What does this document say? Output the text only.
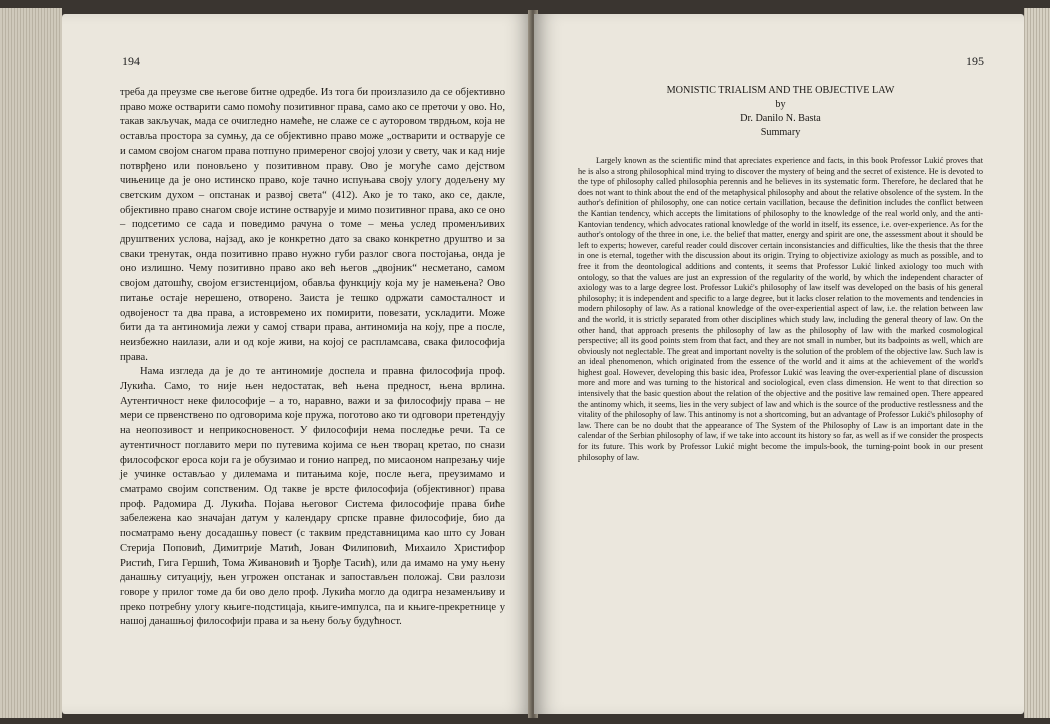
194

треба да преузме све његове битне одредбе. Из тога би произлазило да се објективно право може остварити само помоћу позитивног права, само ако се преточи у ово. Но, такав закључак, мада се очигледно намеће, не слаже се с ауторовом тврдњом, која не оставља простора за сумњу, да се објективно право може „остварити и остварује се и самом својом снагом права потпуно примереног својој улози у свету, чак и кад није потврђено или поновљено у позитивном праву. Ово је могуће само дејством чињенице да је оно истинско право, које тачно испуњава своју улогу додељену му светским духом – опстанак и развој света“ (412). Ако је то тако, ако се, дакле, објективно право снагом своје истине остварује и мимо позитивног права, ако се оно – подсетимо се сада и поведимо рачуна о томе – мења услед променљивих друштвених услова, најзад, ако је конкретно дато за свако конкретно друштво и за сваки тренутак, онда позитивно право нужно губи разлог свога постојања, онда је оно излишно. Чему позитивно право ако већ његов „двојник“ несметано, самом својом датошћу, својом егзистенцијом, обавља функцију која му је намењена? Ово питање остаје нерешено, отворено. Заиста је тешко одржати самосталност и одвојеност та два права, а истовремено их помирити, повезати, ускладити. Може бити да та антиномија лежи у самој ствари права, антиномија на коју, пре а после, неизбежно наилази, али и од које живи, на којој се распламсава, свака философија права.

Нама изгледа да је до те антиномије доспела и правна философија проф. Лукића. Само, то није њен недостатак, већ њена предност, њена врлина. Аутентичност неке философије – а то, наравно, важи и за философију права – не мери се првенствено по одговорима које пружа, поготово ако ти одговори претендују на неопозивост и неприкосновеност. У философији нема последње речи. Та се аутентичност поглавито мери по путевима којима се њен творац кретао, по снази философског ероса који га је обузимао и гонио напред, по мисаоном напрезању чије је учинке остављао у дилемама и питањима које, после њега, преузимамо и сматрамо својим сопственим. Од такве је врсте философија (објективног) права проф. Радомира Д. Лукића. Појава његовог Система философије права биће забележена као значајан датум у календару српске правне философије, био да посматрамо њену досадашњу повест (с таквим представницима као што су Јован Стерија Поповић, Димитрије Матић, Јован Филиповић, Михаило Христифор Ристић, Гига Гершић, Тома Живановић и Ђорђе Тасић), или да имамо на уму њену данашњу ситуацију, њен угрожен опстанак и запостављен положај. Сви разлози говоре у прилог томе да би ово дело проф. Лукића могло да одигра незаменљиву и преко потребну улогу књиге-подстицаја, књиге-импулса, па и књиге-прекретнице у нашој данашњој философији права и за њену бољу будућност.

195
MONISTIC TRIALISM AND THE OBJECTIVE LAW
by
Dr. Danilo N. Basta
Summary

Largely known as the scientific mind that apreciates experience and facts, in this book Professor Lukić proves that he is also a strong philosophical mind trying to discover the mystery of being and the secret of existence. He is devoted to the type of philosophy called philosophia perennis and he believes in its systematic form. Therefore, he declared that he does not want to think about the end of the metaphysical philosophy and about the relative obsolence of the system. In the author's definition of philosophy, one can notice certain vacillation, because the definition includes the conflict between the Kantian tendency, which accepts the limitations of philosophy to the knowledge of the real world only, and the anti-Kantovian tendency, which advocates rational knowledge of the world in itself, its essence, i.e. over-experience. As for the author's ontology of the three in one, i.e. the belief that matter, energy and spirit are one, the assessment about it should be left to experts; however, careful reader could discover certain inconsistancies and difficulties, like the thesis that the three in one is eternal, together with the discussion about its origin. Trying to objectivize axiology as much as possible, and to free it from the deontological additions and contents, it seems that Professor Lukić linked axiology too much with ontology, so that the values are just an expression of the regularity of the world, by which the independent character of axiology was to a large degree lost. Professor Lukić's philosophy of law itself was developed on the basis of his general philosophy; it is independent and specific to a large degree, but it lacks closer relation to the movements and tendencies in modern philosophy of law. As a rational knowledge of the over-experiential aspect of law, i.e. the relation between law and the world, it is strictly separated from other disciplines which study law, including the general theory of law. On the other hand, that approach presents the philosophy of law as the philosophy of law with the marked cosmological perspective; all its good points stem from that fact, and they are not small in number, but its badpoints as well, which are obviously not neglectable. The great and important novelty is the solution of the problem of the objective law. Such law is an ideal phenomenon, which originated from the essence of the world and it aims at the achievement of the world's highest goal. However, developing this basic idea, Professor Lukić was leaving the over-experiential plane of discussion more and more and was turning to the historical and sociological, even class dimension. He went to that direction so intensively that the basic question about the relation of the objective and the positive law remained open. There appeared the antinomy which, it seems, lies in the very subject of law and which is the source of the productive restlessness and the vitality of the philosophy of law. This antinomy is not a shortcoming, but an advantage of Professor Lukić's philosophy of law. There can be no doubt that the appearance of The System of the Philosophy of Law is an important date in the calendar of the Serbian philosophy of law, if we take into account its history so far, as well as if we consider the prospects for its future. This work by Professor Lukić might become the impuls-book, the turning-point book in our present philosophy of law.
